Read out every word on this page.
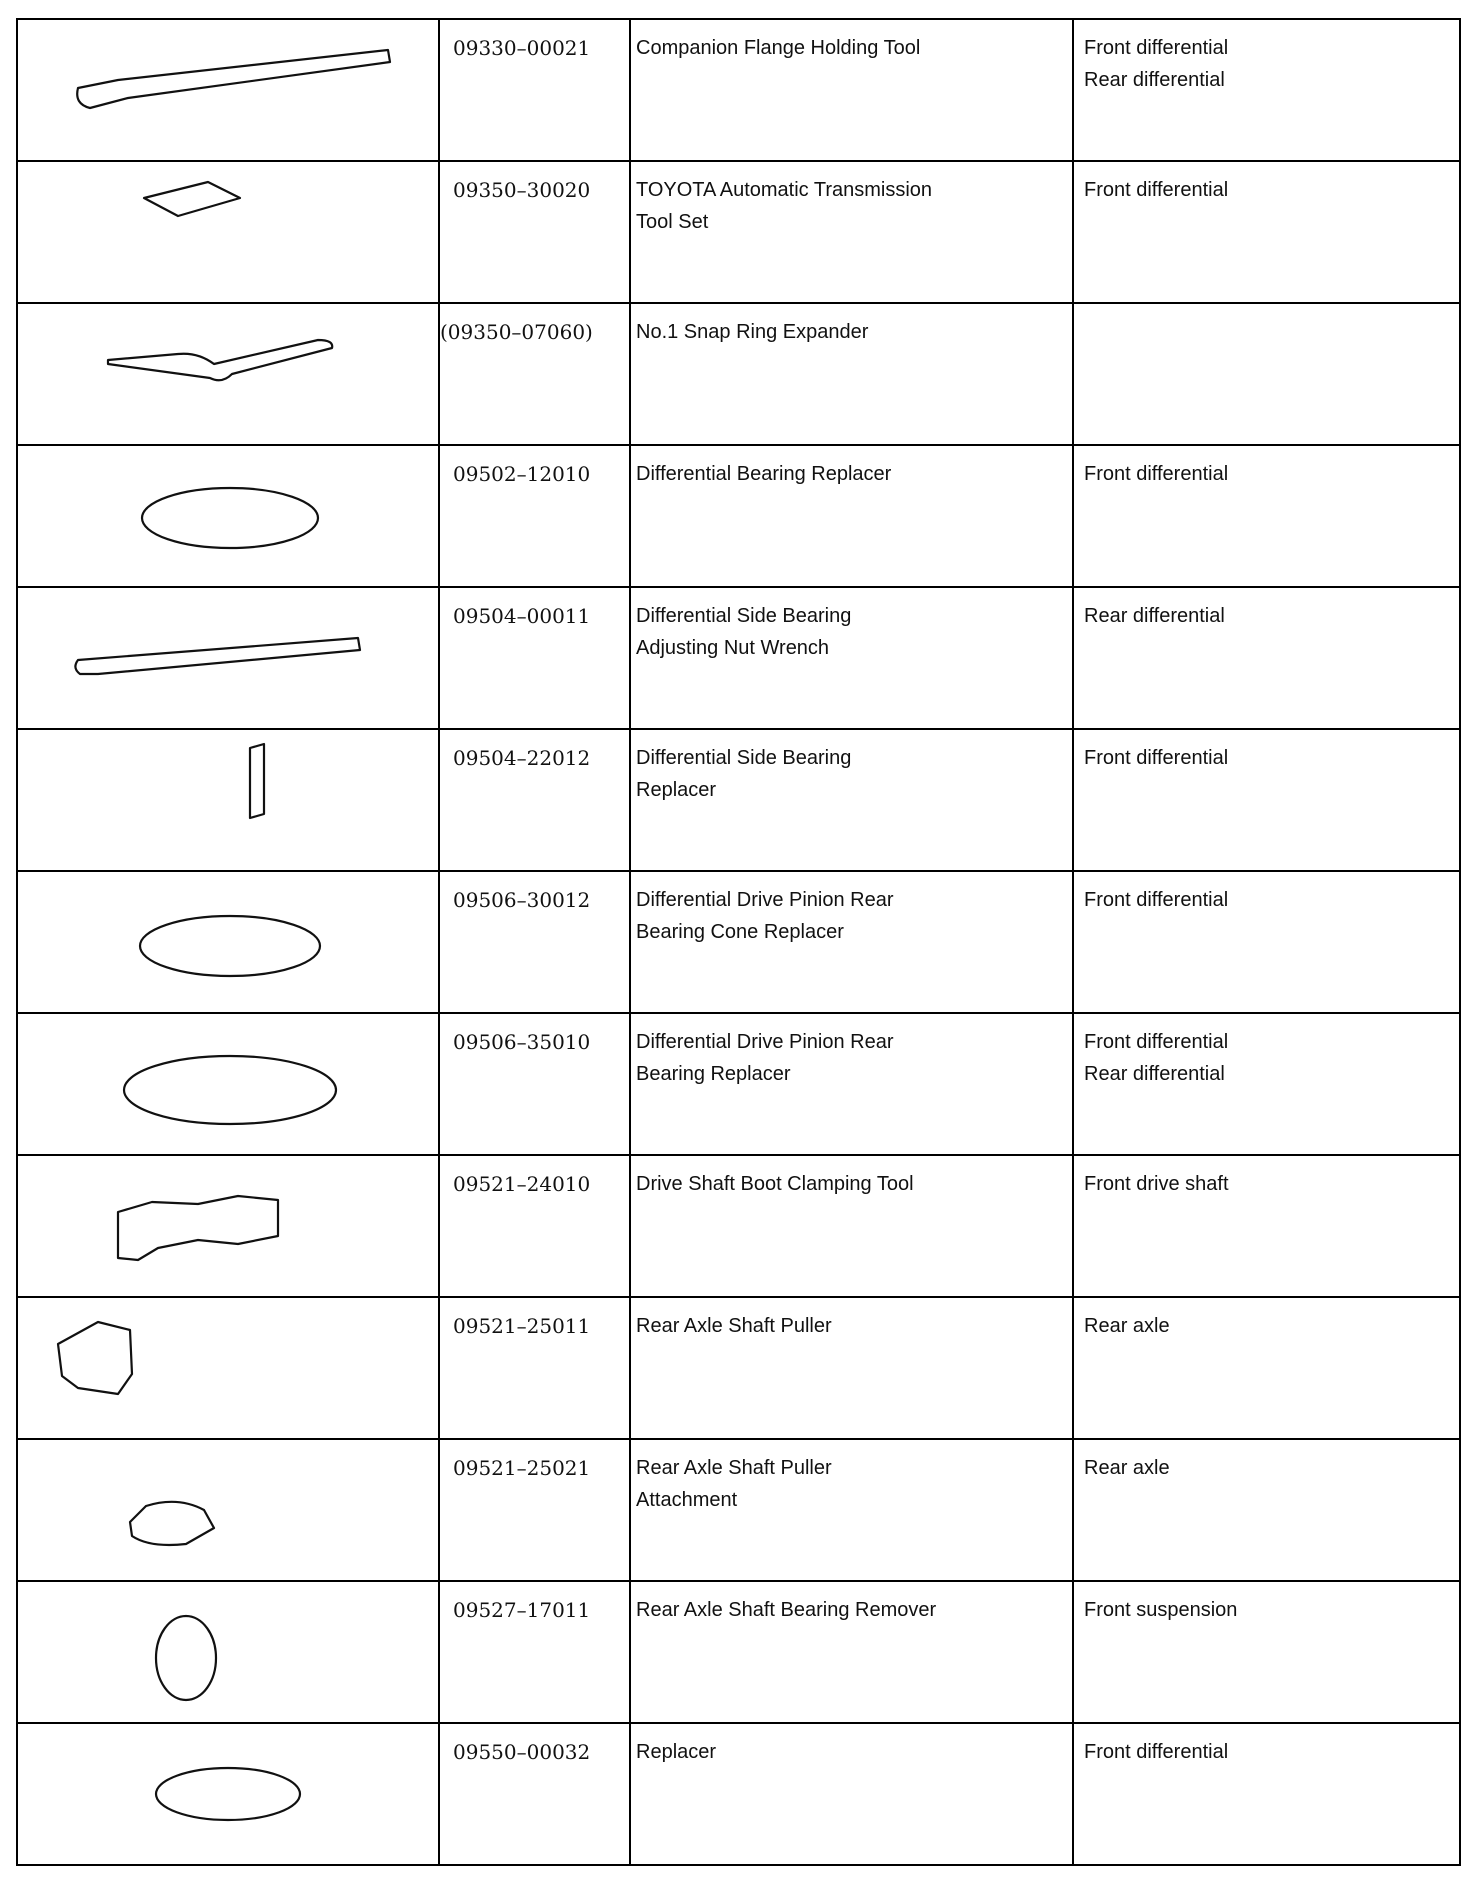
09330–00021	Companion Flange Holding Tool	Front differential
Rear differential

09350–30020	TOYOTA Automatic Transmission
Tool Set	Front differential

(09350–07060)	No.1 Snap Ring Expander	

09502–12010	Differential Bearing Replacer	Front differential

09504–00011	Differential Side Bearing
Adjusting Nut Wrench	Rear differential

09504–22012	Differential Side Bearing
Replacer	Front differential

09506–30012	Differential Drive Pinion Rear
Bearing Cone Replacer	Front differential

09506–35010	Differential Drive Pinion Rear
Bearing Replacer	Front differential
Rear differential

09521–24010	Drive Shaft Boot Clamping Tool	Front drive shaft

09521–25011	Rear Axle Shaft Puller	Rear axle

09521–25021	Rear Axle Shaft Puller
Attachment	Rear axle

09527–17011	Rear Axle Shaft Bearing Remover	Front suspension

09550–00032	Replacer	Front differential
